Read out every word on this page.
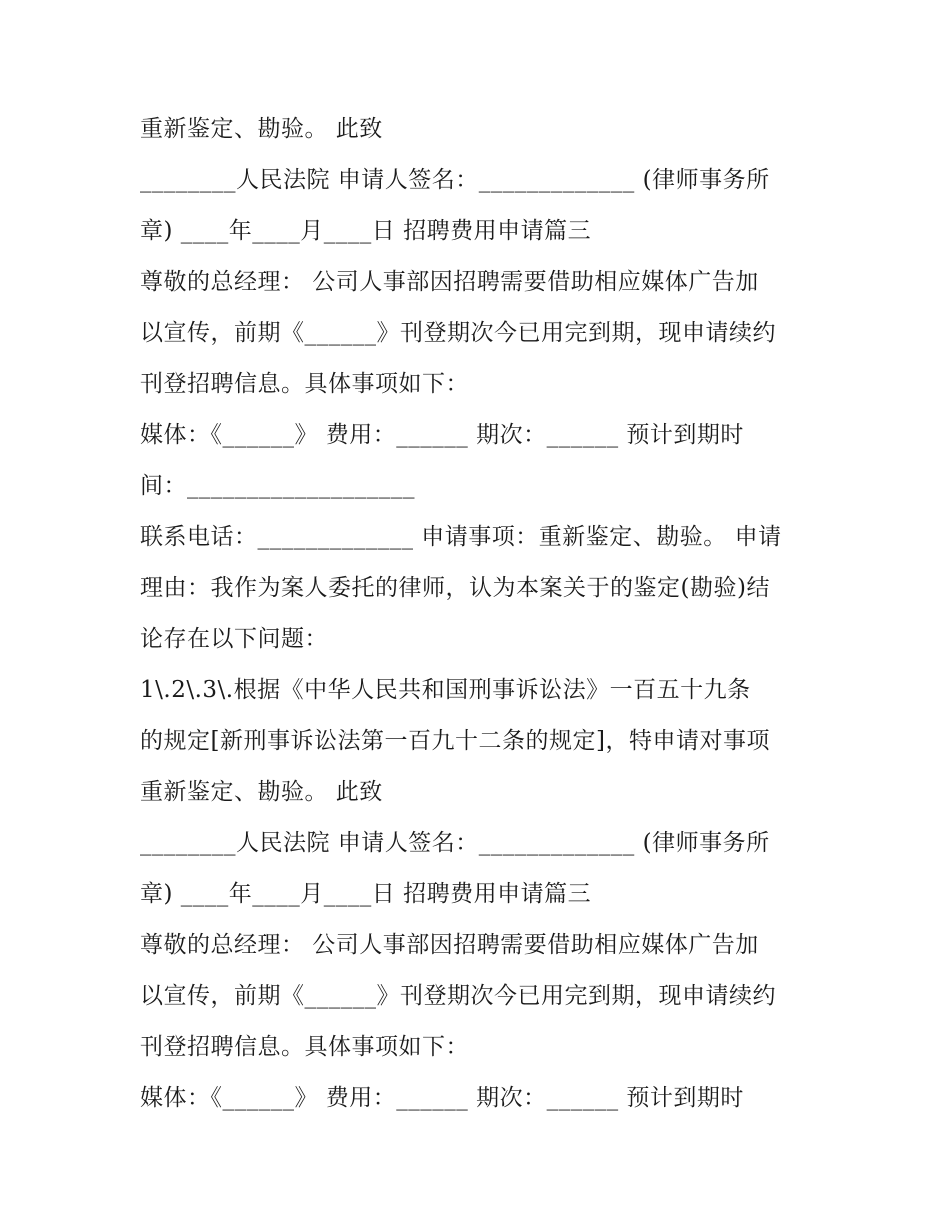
重新鉴定、勘验。 此致
________人民法院 申请人签名：_____________ (律师事务所
章) ____年____月____日 招聘费用申请篇三
尊敬的总经理： 公司人事部因招聘需要借助相应媒体广告加
以宣传，前期《______》刊登期次今已用完到期，现申请续约
刊登招聘信息。具体事项如下：
媒体：《______》 费用：______ 期次：______ 预计到期时
间：___________________
联系电话：_____________ 申请事项：重新鉴定、勘验。 申请
理由：我作为案人委托的律师，认为本案关于的鉴定(勘验)结
论存在以下问题：
1\.2\.3\.根据《中华人民共和国刑事诉讼法》一百五十九条
的规定[新刑事诉讼法第一百九十二条的规定]，特申请对事项
重新鉴定、勘验。 此致
________人民法院 申请人签名：_____________ (律师事务所
章) ____年____月____日 招聘费用申请篇三
尊敬的总经理： 公司人事部因招聘需要借助相应媒体广告加
以宣传，前期《______》刊登期次今已用完到期，现申请续约
刊登招聘信息。具体事项如下：
媒体：《______》 费用：______ 期次：______ 预计到期时
